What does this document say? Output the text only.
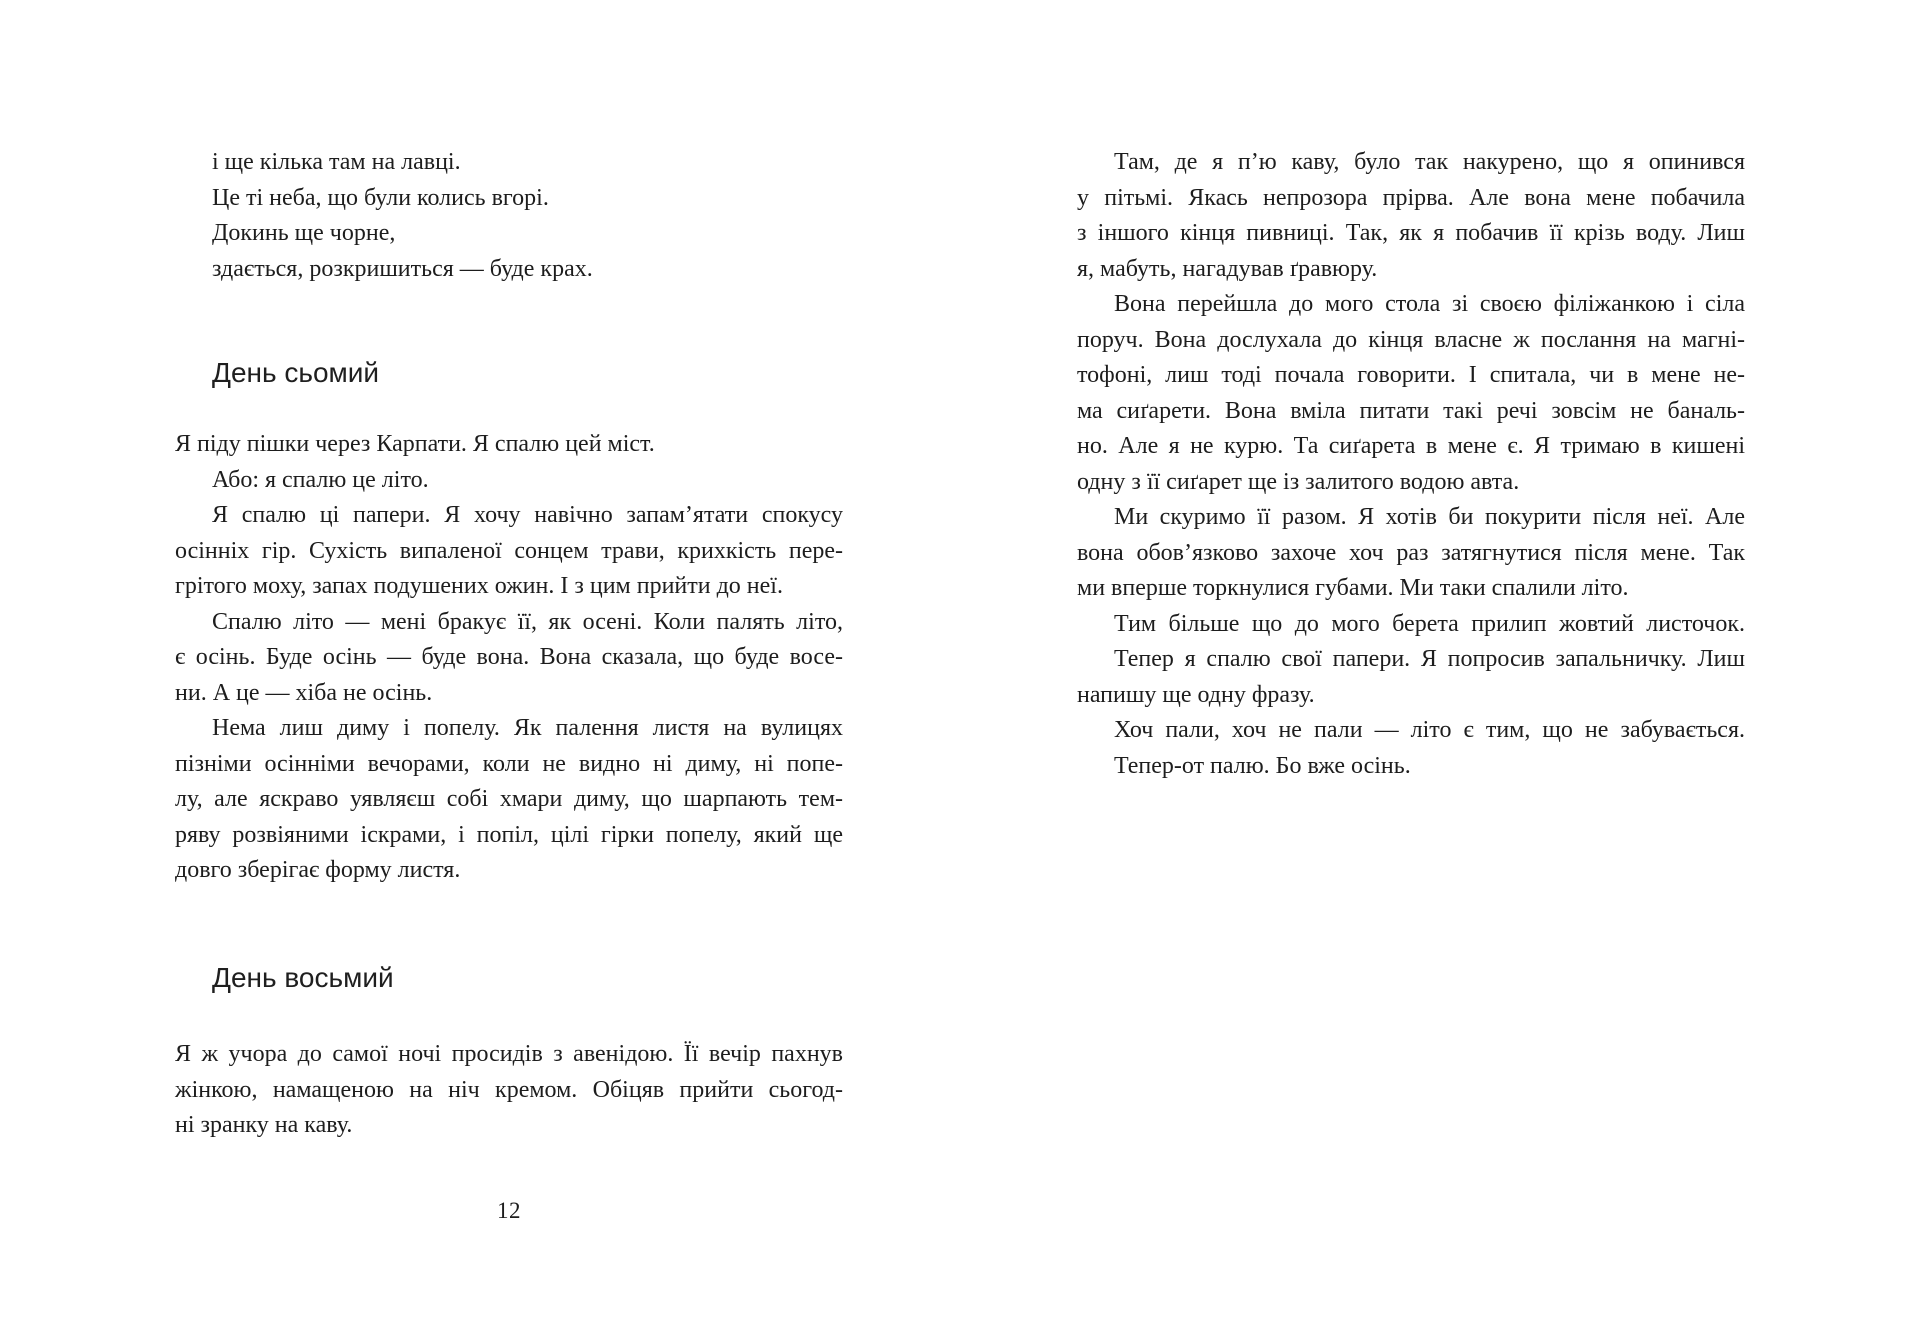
і ще кілька там на лавці.
Це ті неба, що були колись вгорі.
Докинь ще чорне,
здається, розкришиться — буде крах.
День сьомий
Я піду пішки через Карпати. Я спалю цей міст.
Або: я спалю це літо.
Я спалю ці папери. Я хочу навічно запам’ятати спокусу
осінніх гір. Сухість випаленої сонцем трави, крихкість пере-
грітого моху, запах подушених ожин. І з цим прийти до неї.
Спалю літо — мені бракує її, як осені. Коли палять літо,
є осінь. Буде осінь — буде вона. Вона сказала, що буде восе-
ни. А це — хіба не осінь.
Нема лиш диму і попелу. Як палення листя на вулицях
пізніми осінніми вечорами, коли не видно ні диму, ні попе-
лу, але яскраво уявляєш собі хмари диму, що шарпають тем-
ряву розвіяними іскрами, і попіл, цілі гірки попелу, який ще
довго зберігає форму листя.
День восьмий
Я ж учора до самої ночі просидів з авенідою. Її вечір пахнув
жінкою, намащеною на ніч кремом. Обіцяв прийти сьогод-
ні зранку на каву.
12
Там, де я п’ю каву, було так накурено, що я опинився
у пітьмі. Якась непрозора прірва. Але вона мене побачила
з іншого кінця пивниці. Так, як я побачив її крізь воду. Лиш
я, мабуть, нагадував ґравюру.
Вона перейшла до мого стола зі своєю філіжанкою і сіла
поруч. Вона дослухала до кінця власне ж послання на магні-
тофоні, лиш тоді почала говорити. І спитала, чи в мене не-
ма сиґарети. Вона вміла питати такі речі зовсім не баналь-
но. Але я не курю. Та сиґарета в мене є. Я тримаю в кишені
одну з її сиґарет ще із залитого водою авта.
Ми скуримо її разом. Я хотів би покурити після неї. Але
вона обов’язково захоче хоч раз затягнутися після мене. Так
ми вперше торкнулися губами. Ми таки спалили літо.
Тим більше що до мого берета прилип жовтий листочок.
Тепер я спалю свої папери. Я попросив запальничку. Лиш
напишу ще одну фразу.
Хоч пали, хоч не пали — літо є тим, що не забувається.
Тепер-от палю. Бо вже осінь.
